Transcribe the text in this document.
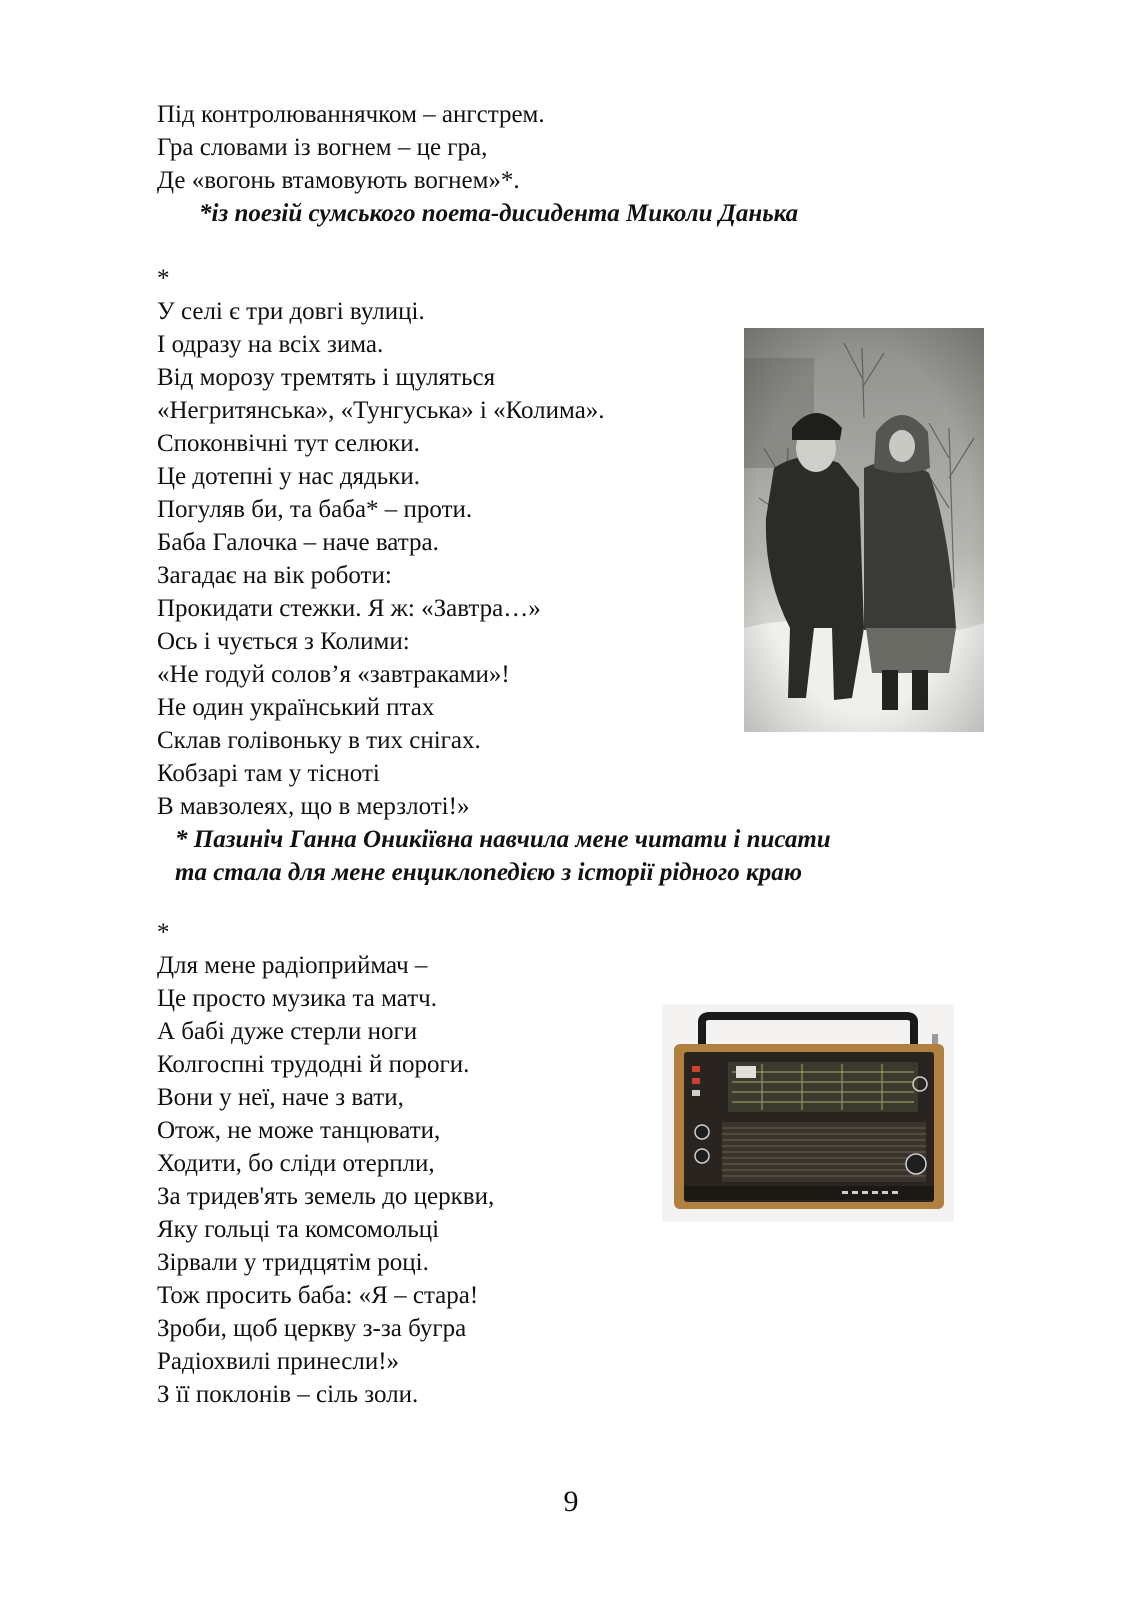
Під контролюваннячком – ангстрем.
Гра словами із вогнем – це гра,
Де «вогонь втамовують вогнем»*.
*із поезій сумського поета-дисидента Миколи Данька
*
У селі є три довгі вулиці.
І одразу на всіх зима.
Від морозу тремтять і щуляться
«Негритянська», «Тунгуська» і «Колима».
Споконвічні тут селюки.
Це дотепні у нас дядьки.
Погуляв би, та баба* – проти.
Баба Галочка – наче ватра.
Загадає на вік роботи:
Прокидати стежки. Я ж: «Завтра…»
Ось і чується з Колими:
«Не годуй солов’я «завтраками»!
Не один український птах
Склав голівоньку в тих снігах.
Кобзарі там у тісноті
В мавзолеях, що в мерзлоті!»
* Пазиніч Ганна Оникіївна навчила мене читати і писати
та стала для мене енциклопедією з історії рідного краю
*
Для мене радіоприймач –
Це просто музика та матч.
А бабі дуже стерли ноги
Колгоспні трудодні й пороги.
Вони у неї, наче з вати,
Отож, не може танцювати,
Ходити, бо сліди отерпли,
За тридев'ять земель до церкви,
Яку гольці та комсомольці
Зірвали у тридцятім році.
Тож просить баба: «Я – стара!
Зроби, щоб церкву з-за бугра
Радіохвилі принесли!»
З її поклонів – сіль золи.
9
